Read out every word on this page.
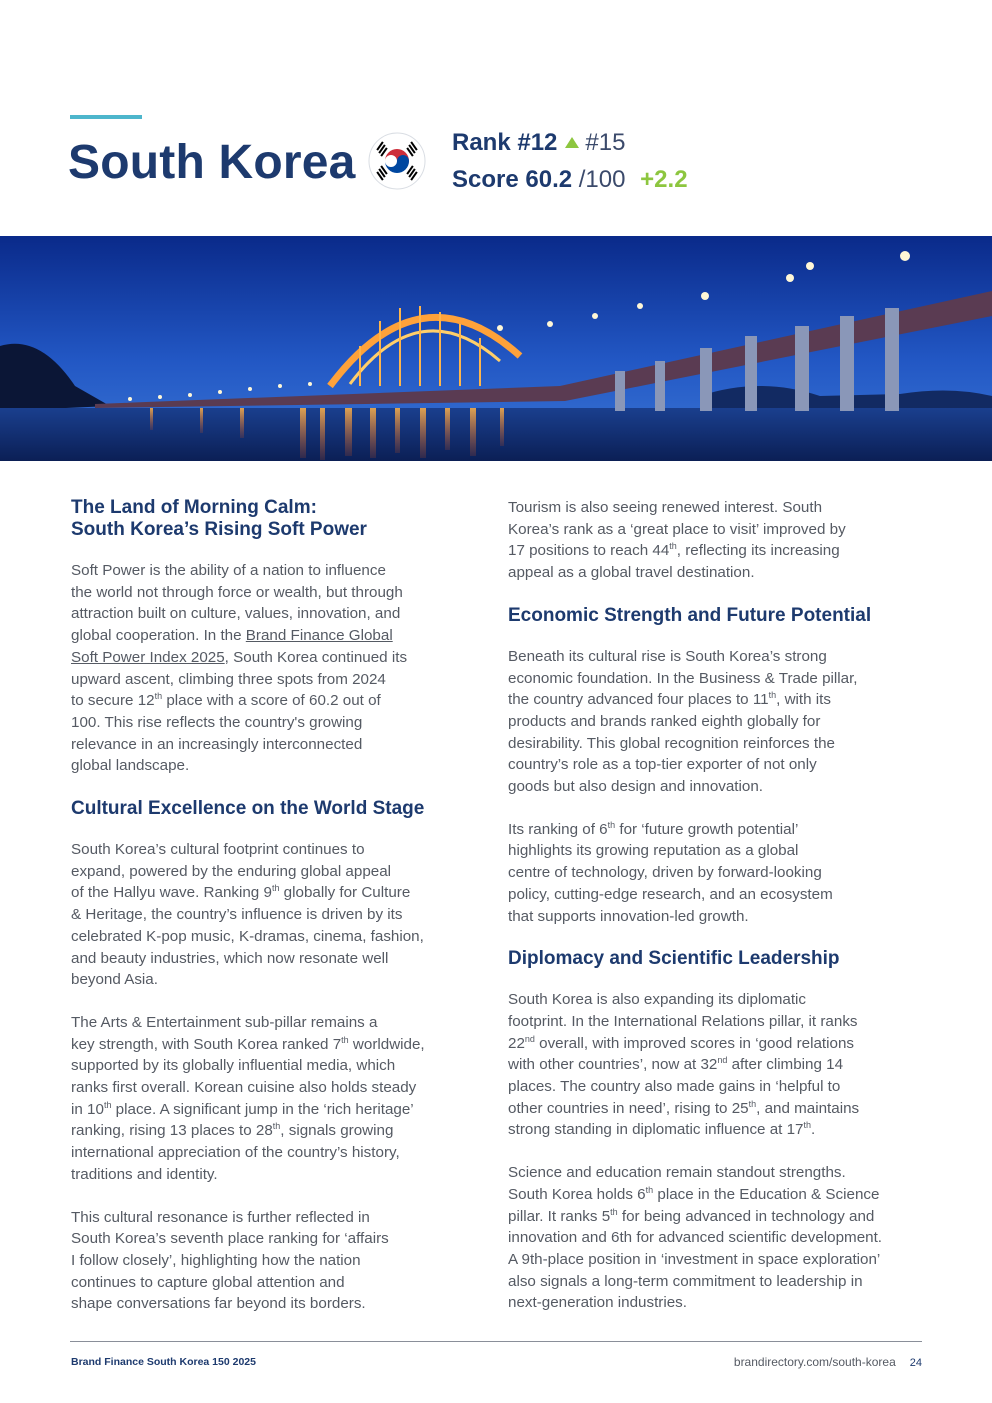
South Korea	Rank #12 #15
Score 60.2 /100 +2.2
The Land of Morning Calm:
South Korea’s Rising Soft Power

Soft Power is the ability of a nation to influence
the world not through force or wealth, but through
attraction built on culture, values, innovation, and
global cooperation. In the Brand Finance Global
Soft Power Index 2025, South Korea continued its
upward ascent, climbing three spots from 2024
to secure 12th place with a score of 60.2 out of
100. This rise reflects the country's growing
relevance in an increasingly interconnected
global landscape.

Cultural Excellence on the World Stage

South Korea’s cultural footprint continues to
expand, powered by the enduring global appeal
of the Hallyu wave. Ranking 9th globally for Culture
& Heritage, the country’s influence is driven by its
celebrated K-pop music, K-dramas, cinema, fashion,
and beauty industries, which now resonate well
beyond Asia.

The Arts & Entertainment sub-pillar remains a
key strength, with South Korea ranked 7th worldwide,
supported by its globally influential media, which
ranks first overall. Korean cuisine also holds steady
in 10th place. A significant jump in the ‘rich heritage’
ranking, rising 13 places to 28th, signals growing
international appreciation of the country’s history,
traditions and identity.

This cultural resonance is further reflected in
South Korea’s seventh place ranking for ‘affairs
I follow closely’, highlighting how the nation
continues to capture global attention and
shape conversations far beyond its borders.

Tourism is also seeing renewed interest. South
Korea’s rank as a ‘great place to visit’ improved by
17 positions to reach 44th, reflecting its increasing
appeal as a global travel destination.

Economic Strength and Future Potential

Beneath its cultural rise is South Korea’s strong
economic foundation. In the Business & Trade pillar,
the country advanced four places to 11th, with its
products and brands ranked eighth globally for
desirability. This global recognition reinforces the
country’s role as a top-tier exporter of not only
goods but also design and innovation.

Its ranking of 6th for ‘future growth potential’
highlights its growing reputation as a global
centre of technology, driven by forward-looking
policy, cutting-edge research, and an ecosystem
that supports innovation-led growth.

Diplomacy and Scientific Leadership

South Korea is also expanding its diplomatic
footprint. In the International Relations pillar, it ranks
22nd overall, with improved scores in ‘good relations
with other countries’, now at 32nd after climbing 14
places. The country also made gains in ‘helpful to
other countries in need’, rising to 25th, and maintains
strong standing in diplomatic influence at 17th.

Science and education remain standout strengths.
South Korea holds 6th place in the Education & Science
pillar. It ranks 5th for being advanced in technology and
innovation and 6th for advanced scientific development.
A 9th-place position in ‘investment in space exploration’
also signals a long-term commitment to leadership in
next-generation industries.

Brand Finance South Korea 150 2025	brandirectory.com/south-korea 24
